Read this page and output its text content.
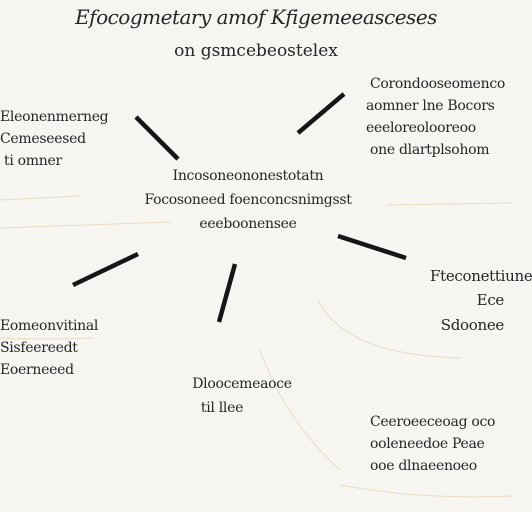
Efocogmetary amof Kfigemeeasceses
on gsmcebeostelex
Incosoneononestotatn
Focosoneed foenconcsnimgsst
eeeboonensee
Eleonenmerneg
Cemeseesed
ti omner
Corondooseomenco
aomner lne Bocors
eeeloreolooreoo
one dlartplsohom
Fteconettiune
Ece
Sdoonee
Eomeonvitinal
Sisfeereedt
Eoerneeed
Dloocemeaoce
til llee
Ceeroeeceoag oco
ooleneedoe Peae
ooe dlnaeenoeo
